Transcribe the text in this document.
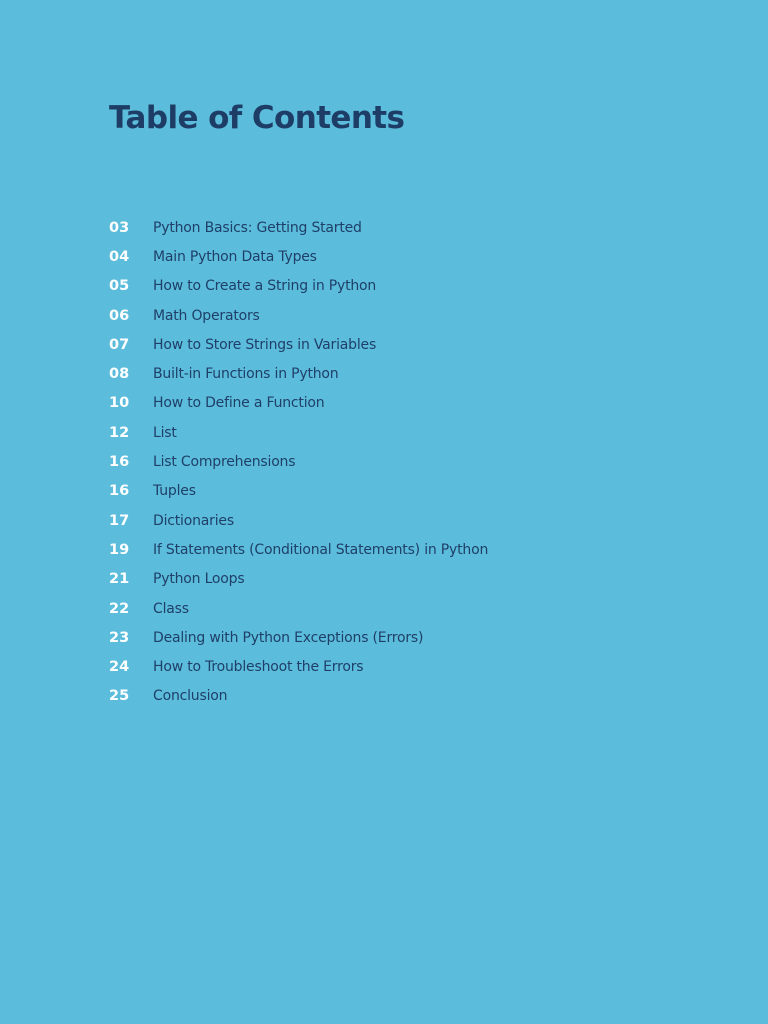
Table of Contents
03	Python Basics: Getting Started
04	Main Python Data Types
05	How to Create a String in Python
06	Math Operators
07	How to Store Strings in Variables
08	Built-in Functions in Python
10	How to Define a Function
12	List
16	List Comprehensions
16	Tuples
17	Dictionaries
19	If Statements (Conditional Statements) in Python
21	Python Loops
22	Class
23	Dealing with Python Exceptions (Errors)
24	How to Troubleshoot the Errors
25	Conclusion
